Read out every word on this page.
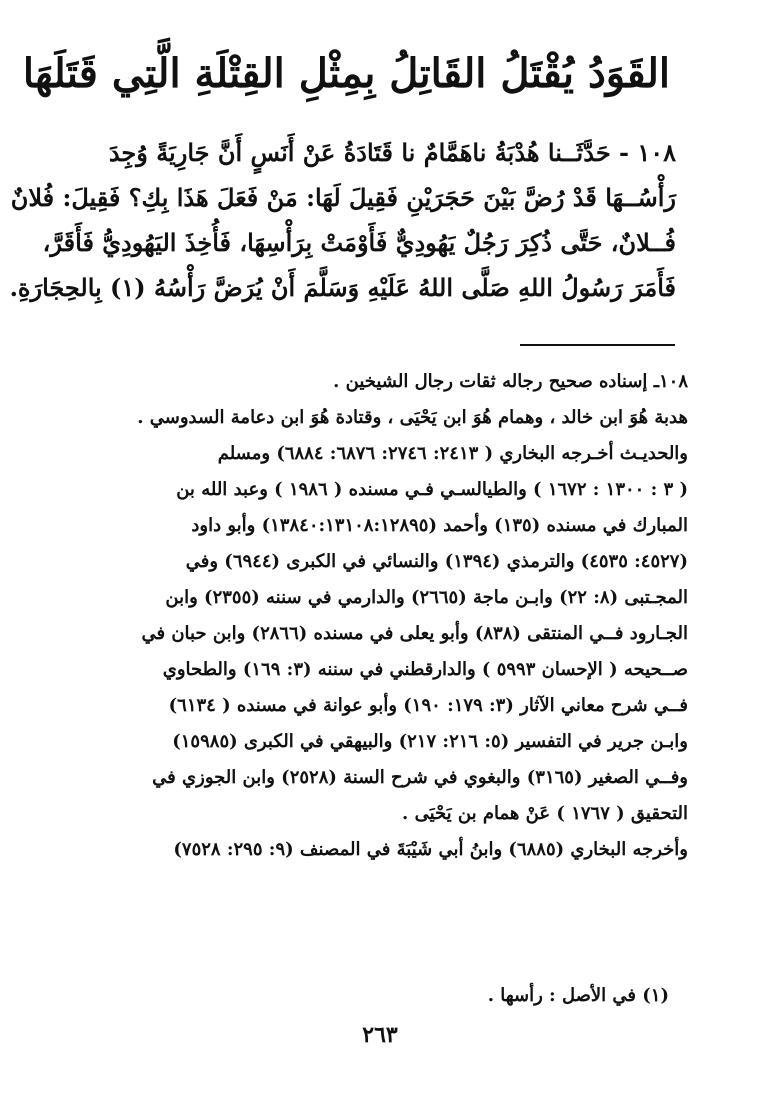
القَوَدُ يُقْتَلُ القَاتِلُ بِمِثْلِ القِتْلَةِ الَّتِي قَتَلَهَا

١٠٨ - حَدَّثَــنا هُدْبَةُ ناهَمَّامٌ نا قَتَادَةُ عَنْ أَنَسٍ أَنَّ جَارِيَةً وُجِدَ
رَأْسُــهَا قَدْ رُضَّ بَيْنَ حَجَرَيْنِ فَقِيلَ لَهَا: مَنْ فَعَلَ هَذَا بِكِ؟ فَقِيلَ: فُلانٌ
فُــلانٌ، حَتَّى ذُكِرَ رَجُلٌ يَهُودِيٌّ فَأَوْمَتْ بِرَأْسِهَا، فَأُخِذَ اليَهُودِيُّ فَأَقَرَّ،
فَأَمَرَ رَسُولُ اللهِ صَلَّى اللهُ عَلَيْهِ وَسَلَّمَ أَنْ يُرَضَّ رَأْسُهُ (١) بِالحِجَارَةِ.

١٠٨ـ إسناده صحيح رجاله ثقات رجال الشيخين .
هدبة هُوَ ابن خالد ، وهمام هُوَ ابن يَحْيَى ، وقتادة هُوَ ابن دعامة السدوسي .
والحديـث أخـرجه البخاري ( ٢٤١٣: ٢٧٤٦: ٦٨٧٦: ٦٨٨٤) ومسلم
( ٣ : ١٣٠٠ : ١٦٧٢ ) والطيالسـي فـي مسنده ( ١٩٨٦ ) وعبد الله بن
المبارك في مسنده (١٣٥) وأحمد (١٣٨٤٠:١٣١٠٨:١٢٨٩٥) وأبو داود
(٤٥٢٧: ٤٥٣٥) والترمذي (١٣٩٤) والنسائي في الكبرى (٦٩٤٤) وفي
المجـتبى (٨: ٢٢) وابـن ماجة (٢٦٦٥) والدارمي في سننه (٢٣٥٥) وابن
الجـارود فــي المنتقى (٨٣٨) وأبو يعلى في مسنده (٢٨٦٦) وابن حبان في
صــحيحه ( الإحسان ٥٩٩٣ ) والدارقطني في سننه (٣: ١٦٩) والطحاوي
فــي شرح معاني الآثار (٣: ١٧٩: ١٩٠) وأبو عوانة في مسنده ( ٦١٣٤)
وابـن جرير في التفسير (٥: ٢١٦: ٢١٧) والبيهقي في الكبرى (١٥٩٨٥)
وفــي الصغير (٣١٦٥) والبغوي في شرح السنة (٢٥٢٨) وابن الجوزي في
التحقيق ( ١٧٦٧ ) عَنْ همام بن يَحْيَى .
وأخرجه البخاري (٦٨٨٥) وابنُ أبي شَيْبَةَ في المصنف (٩: ٢٩٥: ٧٥٢٨)
(١) في الأصل : رأسها .
٢٦٣
